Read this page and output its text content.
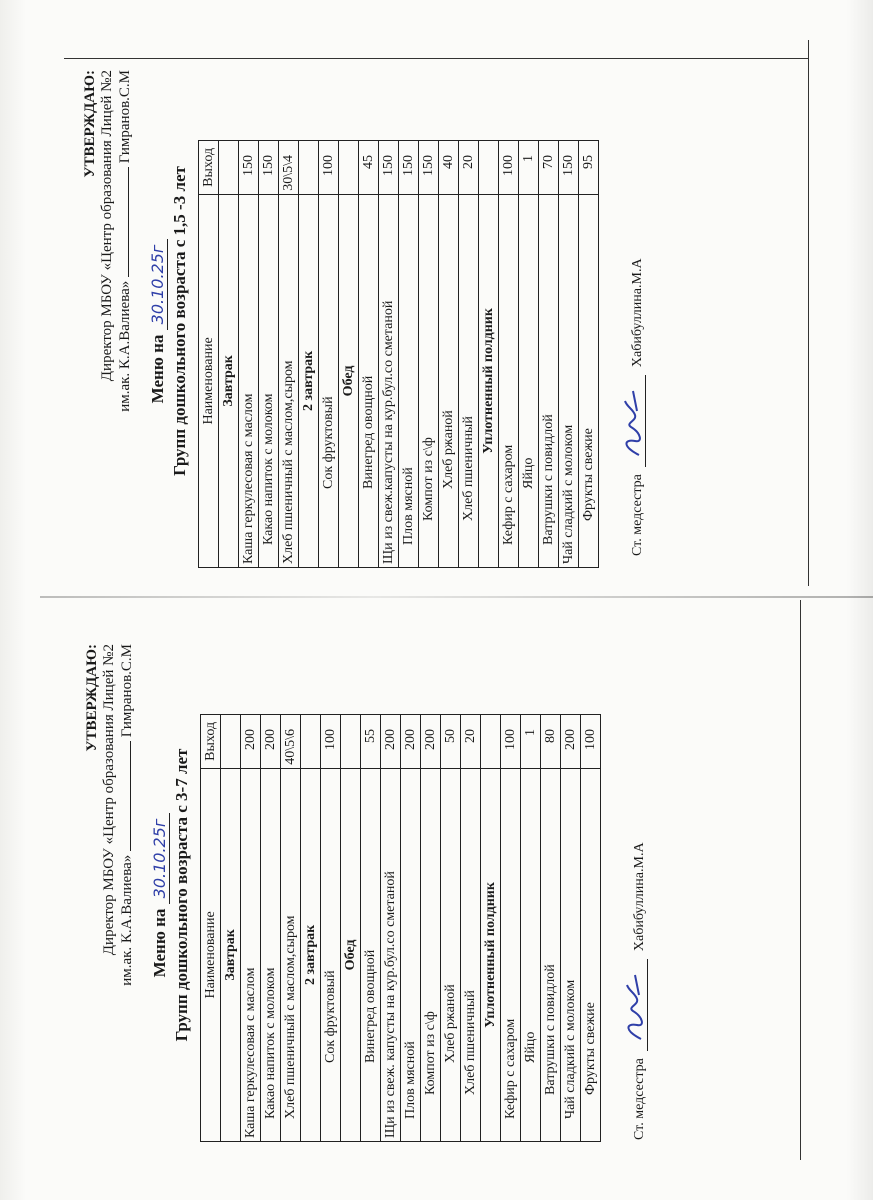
УТВЕРЖДАЮ: Директор МБОУ «Центр образования Лицей №2 им.ак. К.А.Валиева»  Гимранов.С.М
Меню на 30.10.25г Групп дошкольного возраста с 3-7 лет Наименование	Выход
Завтрак	
Каша геркулесовая с маслом	200
Какао напиток с молоком	200
Хлеб пшеничный с маслом,сыром	40\5\6
2 завтрак	
Сок фруктовый	100
Обед	
Винегред овощной	55
Щи из свеж. капусты на кур.бул.со сметаной	200
Плов мясной	200
Компот из с\ф	200
Хлеб ржаной	50
Хлеб пшеничный	20
Уплотненный полдник	
Кефир с сахаром	100
Яйцо	1
Ватрушки с повидлой	80
Чай сладкий с молоком	200
Фрукты свежие	100
Ст. медсестра
Хабибуллина.М.А
УТВЕРЖДАЮ: Директор МБОУ «Центр образования Лицей №2 им.ак. К.А.Валиева»  Гимранов.С.М
Меню на 30.10.25г Групп дошкольного возраста с 1,5 -3 лет Наименование	Выход
Завтрак	
Каша геркулесовая с маслом	150
Какао напиток с молоком	150
Хлеб пшеничный с маслом,сыром	30\5\4
2 завтрак	
Сок фруктовый	100
Обед	
Винегред овощной	45
Щи из свеж.капусты на кур.бул.со сметаной	150
Плов мясной	150
Компот из с\ф	150
Хлеб ржаной	40
Хлеб пшеничный	20
Уплотненный полдник	
Кефир с сахаром	100
Яйцо	1
Ватрушки с повидлой	70
Чай сладкий с молоком	150
Фрукты свежие	95
Ст. медсестра
Хабибуллина.М.А
